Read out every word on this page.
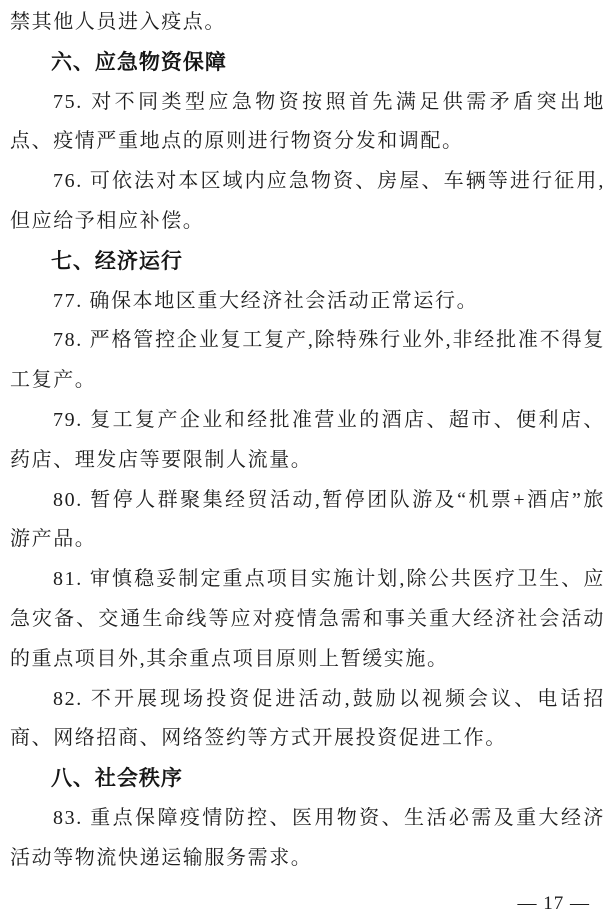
禁其他人员进入疫点。
六、应急物资保障
75. 对不同类型应急物资按照首先满足供需矛盾突出地点、疫情严重地点的原则进行物资分发和调配。
76. 可依法对本区域内应急物资、房屋、车辆等进行征用,但应给予相应补偿。
七、经济运行
77. 确保本地区重大经济社会活动正常运行。
78. 严格管控企业复工复产,除特殊行业外,非经批准不得复工复产。
79. 复工复产企业和经批准营业的酒店、超市、便利店、药店、理发店等要限制人流量。
80. 暂停人群聚集经贸活动,暂停团队游及“机票+酒店”旅游产品。
81. 审慎稳妥制定重点项目实施计划,除公共医疗卫生、应急灾备、交通生命线等应对疫情急需和事关重大经济社会活动的重点项目外,其余重点项目原则上暂缓实施。
82. 不开展现场投资促进活动,鼓励以视频会议、电话招商、网络招商、网络签约等方式开展投资促进工作。
八、社会秩序
83. 重点保障疫情防控、医用物资、生活必需及重大经济活动等物流快递运输服务需求。
— 17 —
